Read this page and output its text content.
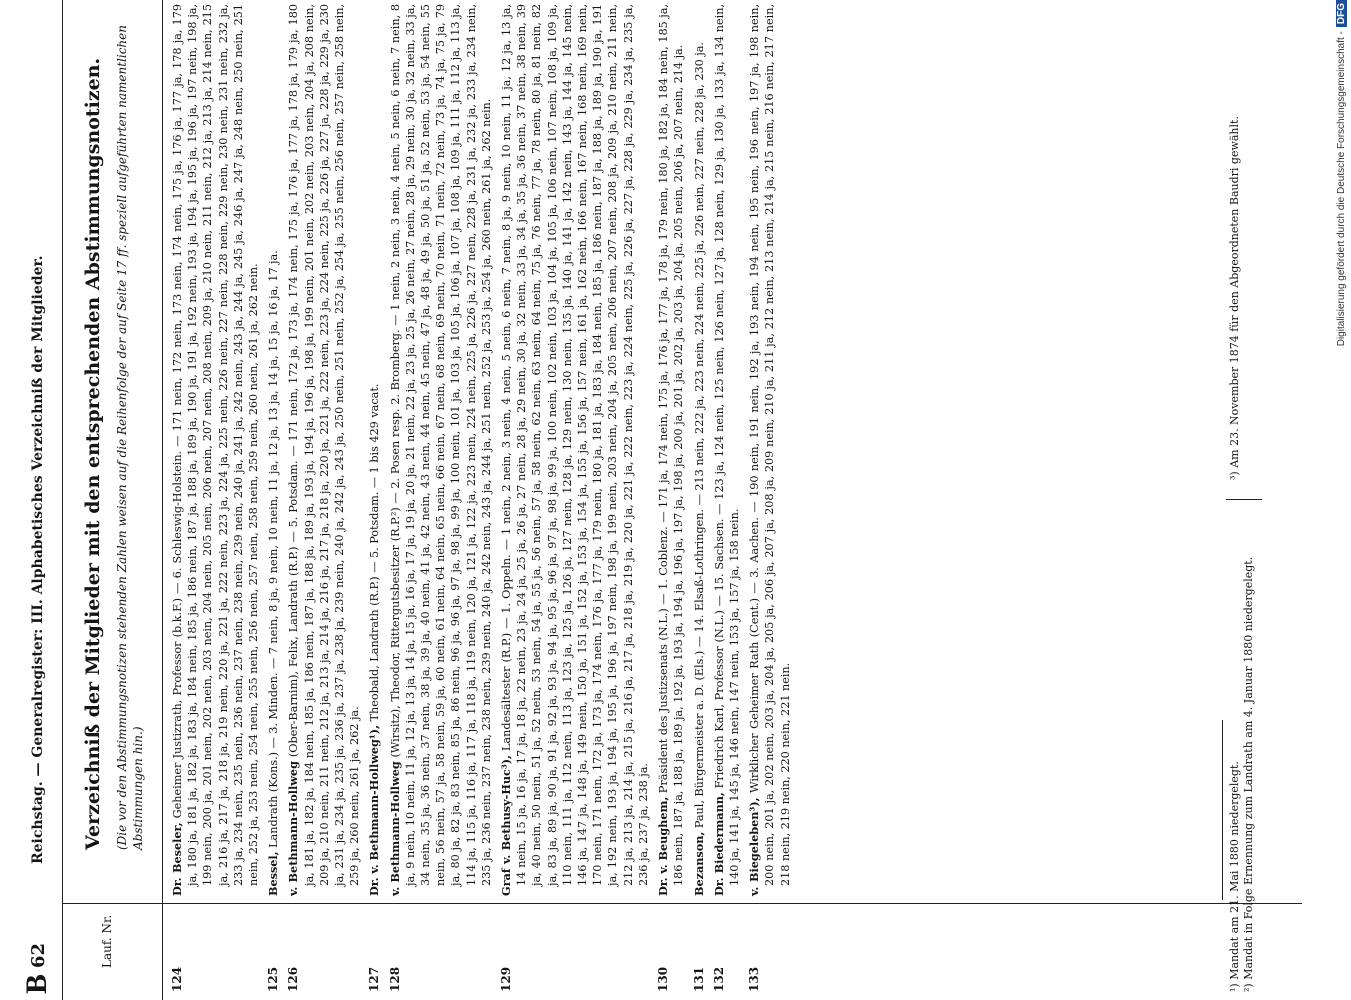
B62
Reichstag. — Generalregister: III. Alphabetisches Verzeichniß der Mitglieder.
Lauf. Nr.
Verzeichniß der Mitglieder mit den entsprechenden Abstimmungsnotizen. (Die vor den Abstimmungsnotizen stehenden Zahlen weisen auf die Reihenfolge der auf Seite 17 ff. speziell aufgeführten namentlichen Abstimmungen hin.)
124
Dr. Beseler, Geheimer Justizrath, Professor (b.k.F.) — 6. Schleswig-Holstein. — 171 nein, 172 nein, 173 nein, 174 nein, 175 ja, 176 ja, 177 ja, 178 ja, 179 ja, 180 ja, 181 ja, 182 ja, 183 ja, 184 nein, 185 ja, 186 nein, 187 ja, 188 ja, 189 ja, 190 ja, 191 ja, 192 nein, 193 ja, 194 ja, 195 ja, 196 ja, 197 nein, 198 ja, 199 nein, 200 ja, 201 nein, 202 nein, 203 nein, 204 nein, 205 nein, 206 nein, 207 nein, 208 nein, 209 ja, 210 nein, 211 nein, 212 ja, 213 ja, 214 nein, 215 ja, 216 ja, 217 ja, 218 ja, 219 nein, 220 ja, 221 ja, 222 nein, 223 ja, 224 ja, 225 nein, 226 nein, 227 nein, 228 nein, 229 nein, 230 nein, 231 nein, 232 ja, 233 ja, 234 nein, 235 nein, 236 nein, 237 nein, 238 nein, 239 nein, 240 ja, 241 ja, 242 nein, 243 ja, 244 ja, 245 ja, 246 ja, 247 ja, 248 nein, 250 nein, 251 nein, 252 ja, 253 nein, 254 nein, 255 nein, 256 nein, 257 nein, 258 nein, 259 nein, 260 nein, 261 ja, 262 nein.
125
Bessel, Landrath (Kons.) — 3. Minden. — 7 nein, 8 ja, 9 nein, 10 nein, 11 ja, 12 ja, 13 ja, 14 ja, 15 ja, 16 ja, 17 ja.
126
v. Bethmann-Hollweg (Ober-Barnim), Felix, Landrath (R.P.) — 5. Potsdam. — 171 nein, 172 ja, 173 ja, 174 nein, 175 ja, 176 ja, 177 ja, 178 ja, 179 ja, 180 ja, 181 ja, 182 ja, 184 nein, 185 ja, 186 nein, 187 ja, 188 ja, 189 ja, 193 ja, 194 ja, 196 ja, 198 ja, 199 nein, 201 nein, 202 nein, 203 nein, 204 ja, 208 nein, 209 ja, 210 nein, 211 nein, 212 ja, 213 ja, 214 ja, 216 ja, 217 ja, 218 ja, 220 ja, 221 ja, 222 nein, 223 ja, 224 nein, 225 ja, 226 ja, 227 ja, 228 ja, 229 ja, 230 ja, 231 ja, 234 ja, 235 ja, 236 ja, 237 ja, 238 ja, 239 nein, 240 ja, 242 ja, 243 ja, 250 nein, 251 nein, 252 ja, 254 ja, 255 nein, 256 nein, 257 nein, 258 nein, 259 ja, 260 nein, 261 ja, 262 ja.
127
Dr. v. Bethmann-Hollweg¹), Theobald, Landrath (R.P.) — 5. Potsdam. — 1 bis 429 vacat.
128
v. Bethmann-Hollweg (Wirsitz), Theodor, Rittergutsbesitzer (R.P.²) — 2. Posen resp. 2. Bromberg. — 1 nein, 2 nein, 3 nein, 4 nein, 5 nein, 6 nein, 7 nein, 8 ja, 9 nein, 10 nein, 11 ja, 12 ja, 13 ja, 14 ja, 15 ja, 16 ja, 17 ja, 19 ja, 20 ja, 21 nein, 22 ja, 23 ja, 25 ja, 26 nein, 27 nein, 28 ja, 29 nein, 30 ja, 32 nein, 33 ja, 34 nein, 35 ja, 36 nein, 37 nein, 38 ja, 39 ja, 40 nein, 41 ja, 42 nein, 43 nein, 44 nein, 45 nein, 47 ja, 48 ja, 49 ja, 50 ja, 51 ja, 52 nein, 53 ja, 54 nein, 55 nein, 56 nein, 57 ja, 58 nein, 59 ja, 60 nein, 61 nein, 64 nein, 65 nein, 66 nein, 67 nein, 68 nein, 69 nein, 70 nein, 71 nein, 72 nein, 73 ja, 74 ja, 75 ja, 79 ja, 80 ja, 82 ja, 83 nein, 85 ja, 86 nein, 96 ja, 96 ja, 97 ja, 98 ja, 99 ja, 100 nein, 101 ja, 103 ja, 105 ja, 106 ja, 107 ja, 108 ja, 109 ja, 111 ja, 112 ja, 113 ja, 114 ja, 115 ja, 116 ja, 117 ja, 118 ja, 119 nein, 120 ja, 121 ja, 122 ja, 223 nein, 224 nein, 225 ja, 226 ja, 227 nein, 228 ja, 231 ja, 232 ja, 233 ja, 234 nein, 235 ja, 236 nein, 237 nein, 238 nein, 239 nein, 240 ja, 242 nein, 243 ja, 244 ja, 251 nein, 252 ja, 253 ja, 254 ja, 260 nein, 261 ja, 262 nein.
129
Graf v. Bethusy-Huc³), Landesältester (R.P.) — 1. Oppeln. — 1 nein, 2 nein, 3 nein, 4 nein, 5 nein, 6 nein, 7 nein, 8 ja, 9 nein, 10 nein, 11 ja, 12 ja, 13 ja, 14 nein, 15 ja, 16 ja, 17 ja, 18 ja, 22 nein, 23 ja, 24 ja, 25 ja, 26 ja, 27 nein, 28 ja, 29 nein, 30 ja, 32 nein, 33 ja, 34 ja, 35 ja, 36 nein, 37 nein, 38 nein, 39 ja, 40 nein, 50 nein, 51 ja, 52 nein, 53 nein, 54 ja, 55 ja, 56 nein, 57 ja, 58 nein, 62 nein, 63 nein, 64 nein, 75 ja, 76 nein, 77 ja, 78 nein, 80 ja, 81 nein, 82 ja, 83 ja, 89 ja, 90 ja, 91 ja, 92 ja, 93 ja, 94 ja, 95 ja, 96 ja, 97 ja, 98 ja, 99 ja, 100 nein, 102 nein, 103 ja, 104 ja, 105 ja, 106 nein, 107 nein, 108 ja, 109 ja, 110 nein, 111 ja, 112 nein, 113 ja, 123 ja, 125 ja, 126 ja, 127 nein, 128 ja, 129 nein, 130 nein, 135 ja, 140 ja, 141 ja, 142 nein, 143 ja, 144 ja, 145 nein, 146 ja, 147 ja, 148 ja, 149 nein, 150 ja, 151 ja, 152 ja, 153 ja, 154 ja, 155 ja, 156 ja, 157 nein, 161 ja, 162 nein, 166 nein, 167 nein, 168 nein, 169 nein, 170 nein, 171 nein, 172 ja, 173 ja, 174 nein, 176 ja, 177 ja, 179 nein, 180 ja, 181 ja, 183 ja, 184 nein, 185 ja, 186 nein, 187 ja, 188 ja, 189 ja, 190 ja, 191 ja, 192 nein, 193 ja, 194 ja, 195 ja, 196 ja, 197 nein, 198 ja, 199 nein, 203 nein, 204 ja, 205 nein, 206 nein, 207 nein, 208 ja, 209 ja, 210 nein, 211 nein, 212 ja, 213 ja, 214 ja, 215 ja, 216 ja, 217 ja, 218 ja, 219 ja, 220 ja, 221 ja, 222 nein, 223 ja, 224 nein, 225 ja, 226 ja, 227 ja, 228 ja, 229 ja, 234 ja, 235 ja, 236 ja, 237 ja, 238 ja.
130
Dr. v. Beughem, Präsident des Justizsenats (N.L.) — 1. Coblenz. — 171 ja, 174 nein, 175 ja, 176 ja, 177 ja, 178 ja, 179 nein, 180 ja, 182 ja, 184 nein, 185 ja, 186 nein, 187 ja, 188 ja, 189 ja, 192 ja, 193 ja, 194 ja, 196 ja, 197 ja, 198 ja, 200 ja, 201 ja, 202 ja, 203 ja, 204 ja, 205 nein, 206 ja, 207 nein, 214 ja.
131
Bezanson, Paul, Bürgermeister a. D. (Els.) — 14. Elsaß-Lothringen. — 213 nein, 222 ja, 223 nein, 224 nein, 225 ja, 226 nein, 227 nein, 228 ja, 230 ja.
132
Dr. Biedermann, Friedrich Karl, Professor (N.L.) — 15. Sachsen. — 123 ja, 124 nein, 125 nein, 126 nein, 127 ja, 128 nein, 129 ja, 130 ja, 133 ja, 134 nein, 140 ja, 141 ja, 145 ja, 146 nein, 147 nein, 153 ja, 157 ja, 158 nein.
133
v. Biegeleben³), Wirklicher Geheimer Rath (Cent.) — 3. Aachen. — 190 nein, 191 nein, 192 ja, 193 nein, 194 nein, 195 nein, 196 nein, 197 ja, 198 nein, 200 nein, 201 ja, 202 nein, 203 ja, 204 ja, 205 ja, 206 ja, 207 ja, 208 ja, 209 nein, 210 ja, 211 ja, 212 nein, 213 nein, 214 ja, 215 nein, 216 nein, 217 nein, 218 nein, 219 nein, 220 nein, 221 nein.	¹) Mandat am 21. Mai 1880 niedergelegt. ²) Mandat in Folge Ernennung zum Landrath am 4. Januar 1880 niedergelegt.
³) Am 23. November 1874 für den Abgeordneten Baudri gewählt.	Digitalisierung gefördert durch die Deutsche Forschungsgemeinschaft -DFG
